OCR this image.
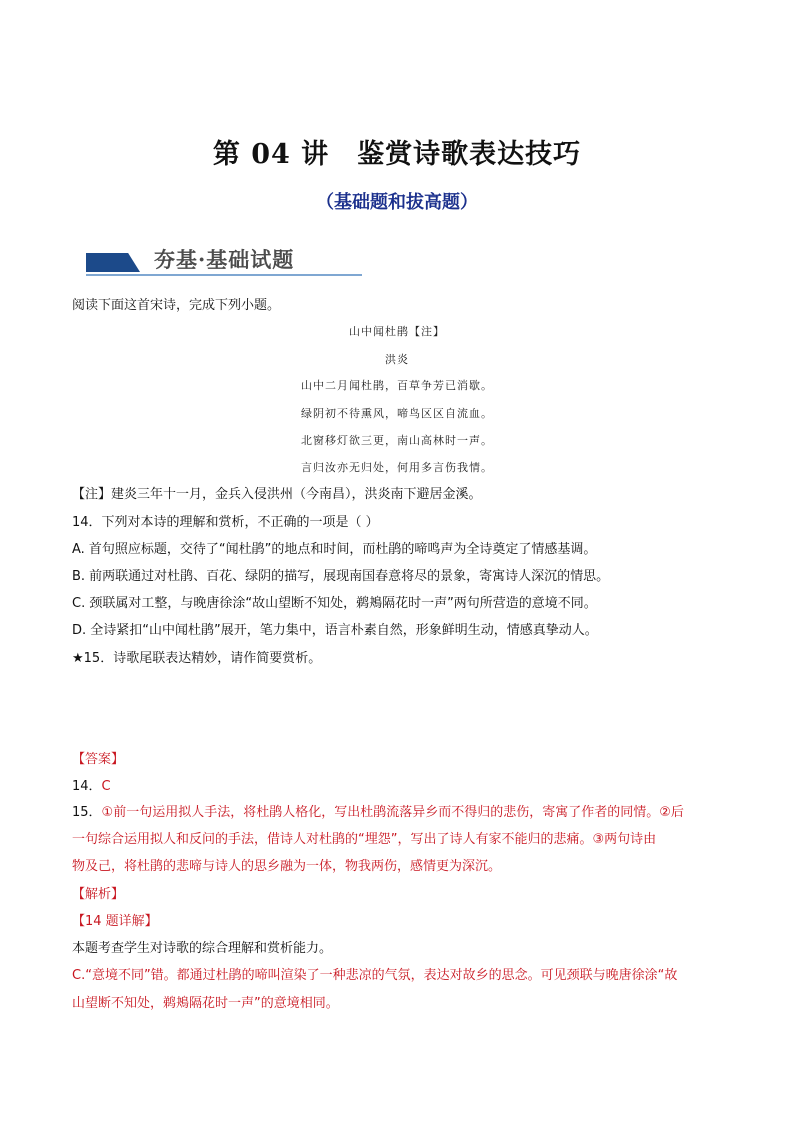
第 04 讲 鉴赏诗歌表达技巧
（基础题和拔高题）
夯基·基础试题
阅读下面这首宋诗，完成下列小题。
山中闻杜鹃【注】
洪炎
山中二月闻杜鹃，百草争芳已消歇。
绿阴初不待熏风，啼鸟区区自流血。
北窗移灯欲三更，南山高林时一声。
言归汝亦无归处，何用多言伤我情。
【注】建炎三年十一月，金兵入侵洪州（今南昌），洪炎南下避居金溪。
14．下列对本诗的理解和赏析，不正确的一项是（ ）
A. 首句照应标题，交待了“闻杜鹃”的地点和时间，而杜鹃的啼鸣声为全诗奠定了情感基调。
B. 前两联通过对杜鹃、百花、绿阴的描写，展现南国春意将尽的景象，寄寓诗人深沉的情思。
C. 颈联属对工整，与晚唐徐涂“故山望断不知处，鹈鴂隔花时一声”两句所营造的意境不同。
D. 全诗紧扣“山中闻杜鹃”展开，笔力集中，语言朴素自然，形象鲜明生动，情感真挚动人。
★15．诗歌尾联表达精妙，请作简要赏析。
【答案】
14．C
15．①前一句运用拟人手法，将杜鹃人格化，写出杜鹃流落异乡而不得归的悲伤，寄寓了作者的同情。②后
一句综合运用拟人和反问的手法，借诗人对杜鹃的“埋怨”，写出了诗人有家不能归的悲痛。③两句诗由
物及己，将杜鹃的悲啼与诗人的思乡融为一体，物我两伤，感情更为深沉。
【解析】
【14 题详解】
本题考查学生对诗歌的综合理解和赏析能力。
C.“意境不同”错。都通过杜鹃的啼叫渲染了一种悲凉的气氛，表达对故乡的思念。可见颈联与晚唐徐涂“故
山望断不知处，鹈鴂隔花时一声”的意境相同。
